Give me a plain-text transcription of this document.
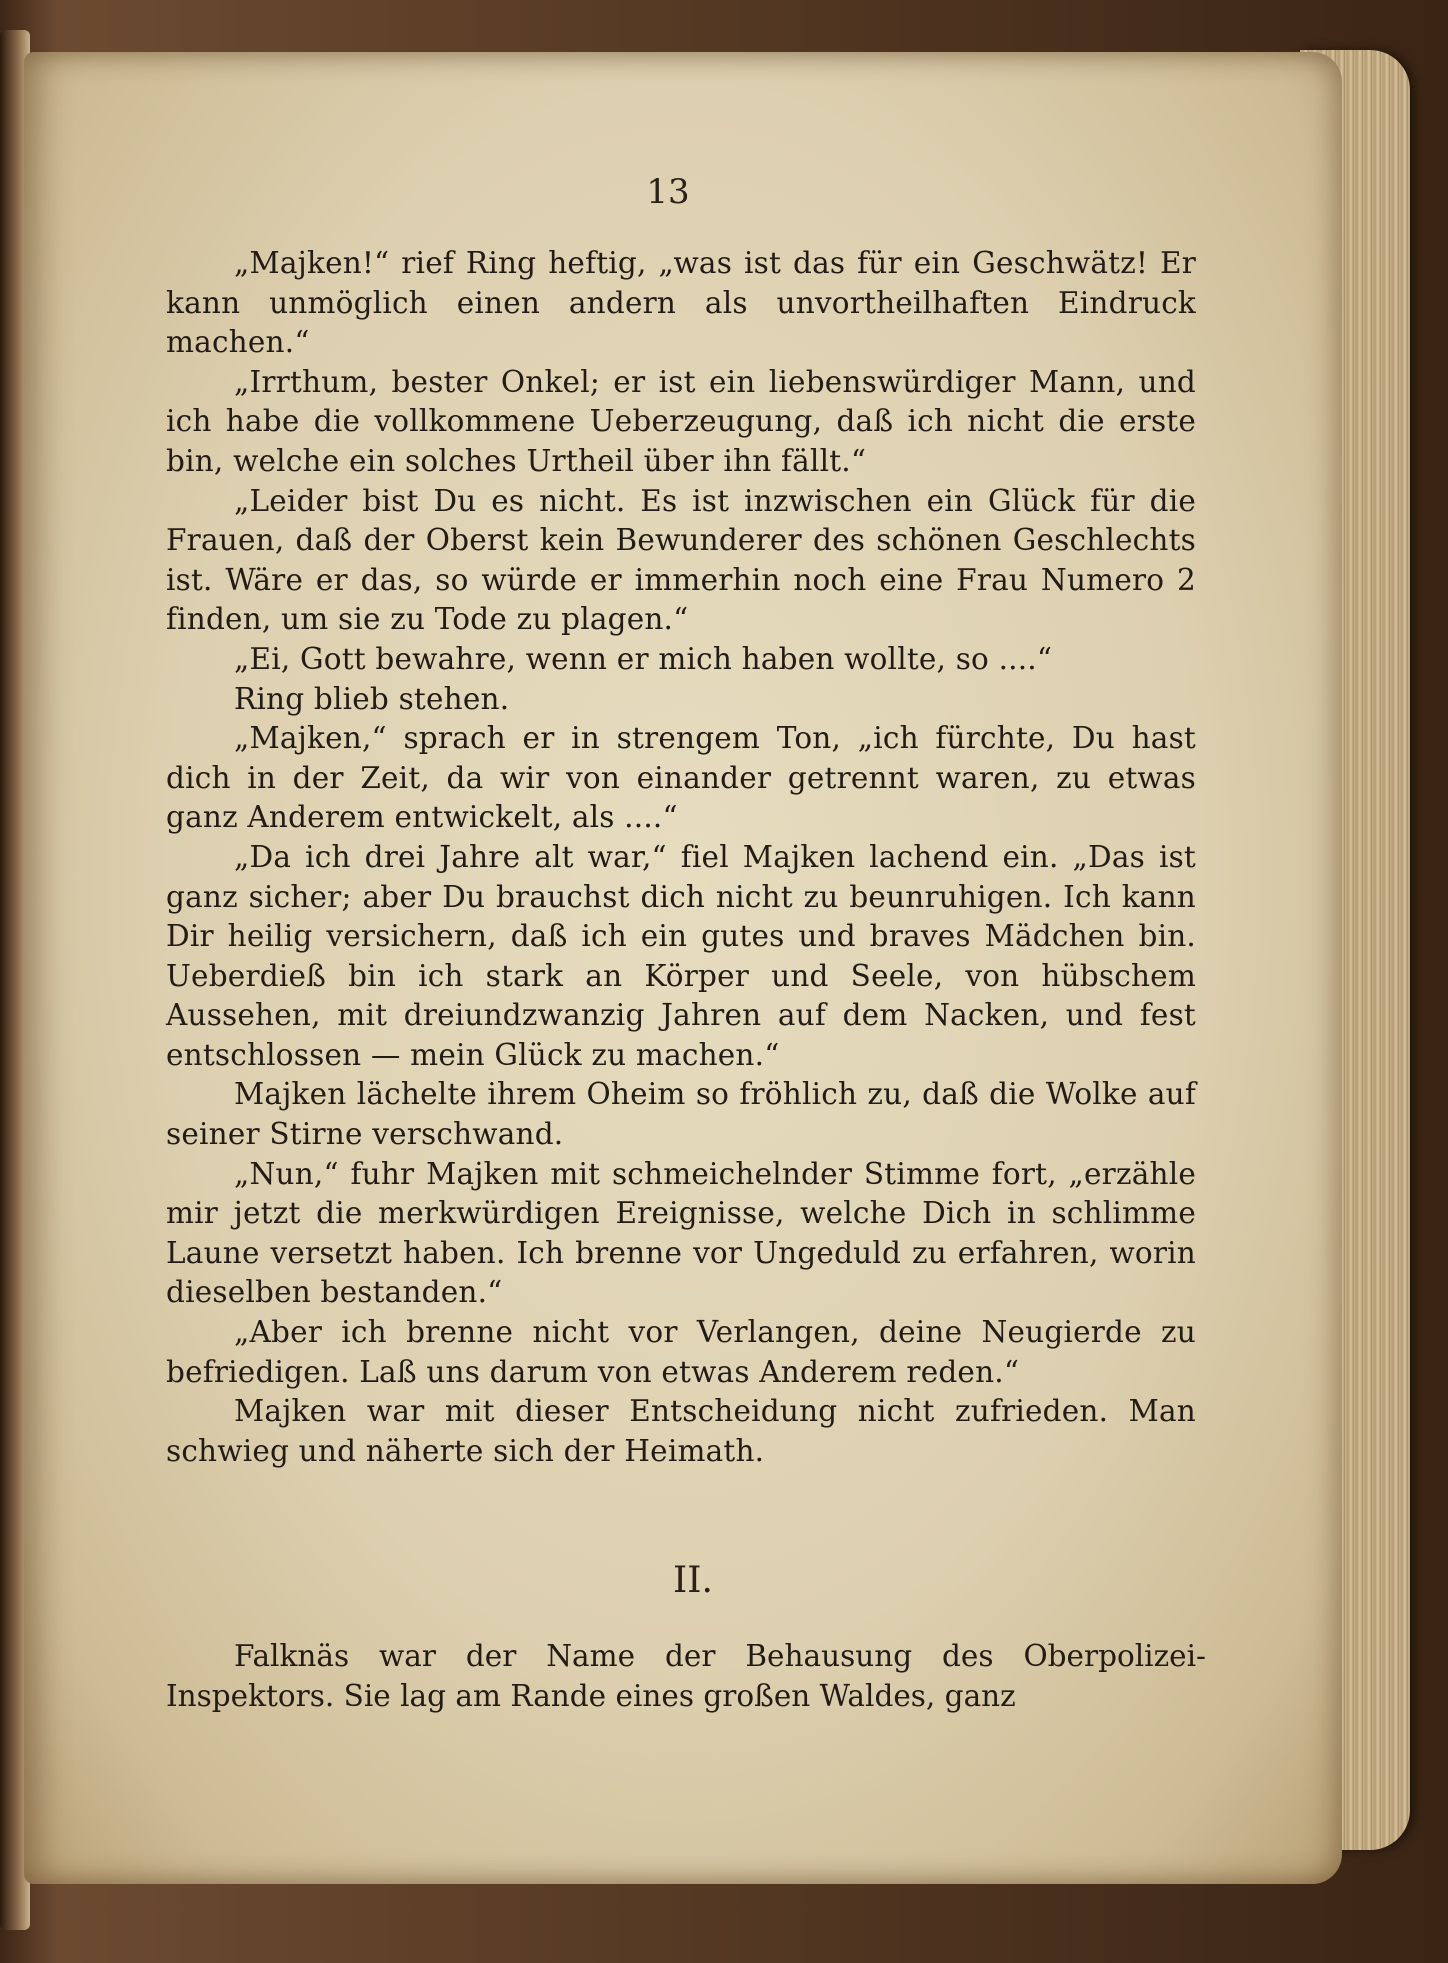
13

„Majken!“ rief Ring heftig, „was ist das für ein Geschwätz! Er kann unmöglich einen andern als unvortheilhaften Eindruck machen.“

„Irrthum, bester Onkel; er ist ein liebenswürdiger Mann, und ich habe die vollkommene Ueberzeugung, daß ich nicht die erste bin, welche ein solches Urtheil über ihn fällt.“

„Leider bist Du es nicht. Es ist inzwischen ein Glück für die Frauen, daß der Oberst kein Bewunderer des schönen Geschlechts ist. Wäre er das, so würde er immerhin noch eine Frau Numero 2 finden, um sie zu Tode zu plagen.“

„Ei, Gott bewahre, wenn er mich haben wollte, so ....“

Ring blieb stehen.

„Majken,“ sprach er in strengem Ton, „ich fürchte, Du hast dich in der Zeit, da wir von einander getrennt waren, zu etwas ganz Anderem entwickelt, als ....“

„Da ich drei Jahre alt war,“ fiel Majken lachend ein. „Das ist ganz sicher; aber Du brauchst dich nicht zu beunruhigen. Ich kann Dir heilig versichern, daß ich ein gutes und braves Mädchen bin. Ueberdieß bin ich stark an Körper und Seele, von hübschem Aussehen, mit dreiundzwanzig Jahren auf dem Nacken, und fest entschlossen — mein Glück zu machen.“

Majken lächelte ihrem Oheim so fröhlich zu, daß die Wolke auf seiner Stirne verschwand.

„Nun,“ fuhr Majken mit schmeichelnder Stimme fort, „erzähle mir jetzt die merkwürdigen Ereignisse, welche Dich in schlimme Laune versetzt haben. Ich brenne vor Ungeduld zu erfahren, worin dieselben bestanden.“

„Aber ich brenne nicht vor Verlangen, deine Neugierde zu befriedigen. Laß uns darum von etwas Anderem reden.“

Majken war mit dieser Entscheidung nicht zufrieden. Man schwieg und näherte sich der Heimath.

II.

Falknäs war der Name der Behausung des Oberpolizei-Inspektors. Sie lag am Rande eines großen Waldes, ganz
